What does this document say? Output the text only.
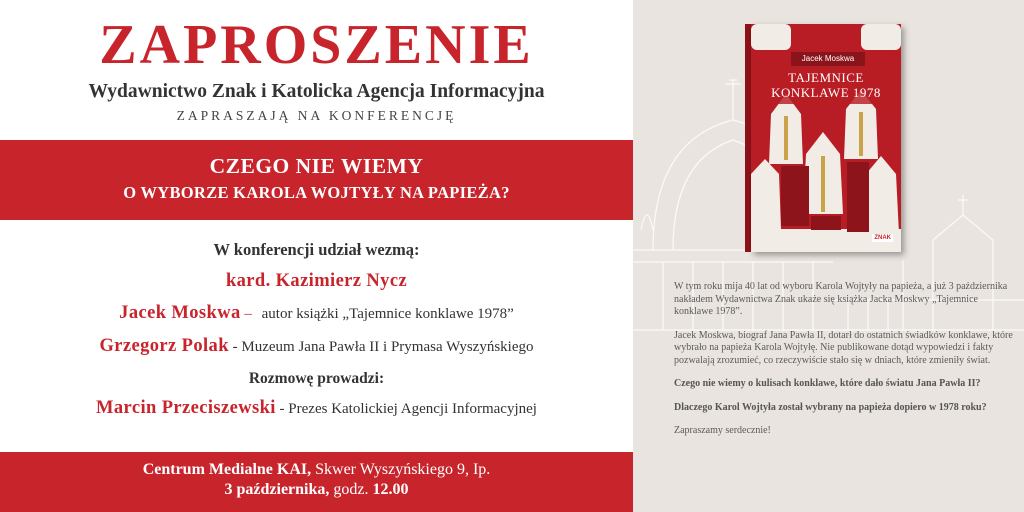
ZAPROSZENIE
Wydawnictwo Znak i Katolicka Agencja Informacyjna
ZAPRASZAJĄ NA KONFERENCJĘ
CZEGO NIE WIEMY
O WYBORZE KAROLA WOJTYŁY NA PAPIEŻA?
W konferencji udział wezmą:
kard. Kazimierz Nycz
Jacek Moskwa – autor książki „Tajemnice konklawe 1978”
Grzegorz Polak - Muzeum Jana Pawła II i Prymasa Wyszyńskiego
Rozmowę prowadzi:
Marcin Przeciszewski - Prezes Katolickiej Agencji Informacyjnej
Centrum Medialne KAI, Skwer Wyszyńskiego 9, Ip.
3 października, godz. 12.00
Jacek Moskwa
TAJEMNICE
KONKLAWE 1978
ZNAK

W tym roku mija 40 lat od wyboru Karola Wojtyły na papieża, a już 3 października nakładem Wydawnictwa Znak ukaże się książka Jacka Moskwy „Tajemnice konklawe 1978”.

Jacek Moskwa, biograf Jana Pawła II, dotarł do ostatnich świadków konklawe, które wybrało na papieża Karola Wojtyłę. Nie publikowane dotąd wypowiedzi i fakty pozwalają zrozumieć, co rzeczywiście stało się w dniach, które zmieniły świat.

Czego nie wiemy o kulisach konklawe, które dało światu Jana Pawła II?

Dlaczego Karol Wojtyła został wybrany na papieża dopiero w 1978 roku?

Zapraszamy serdecznie!
